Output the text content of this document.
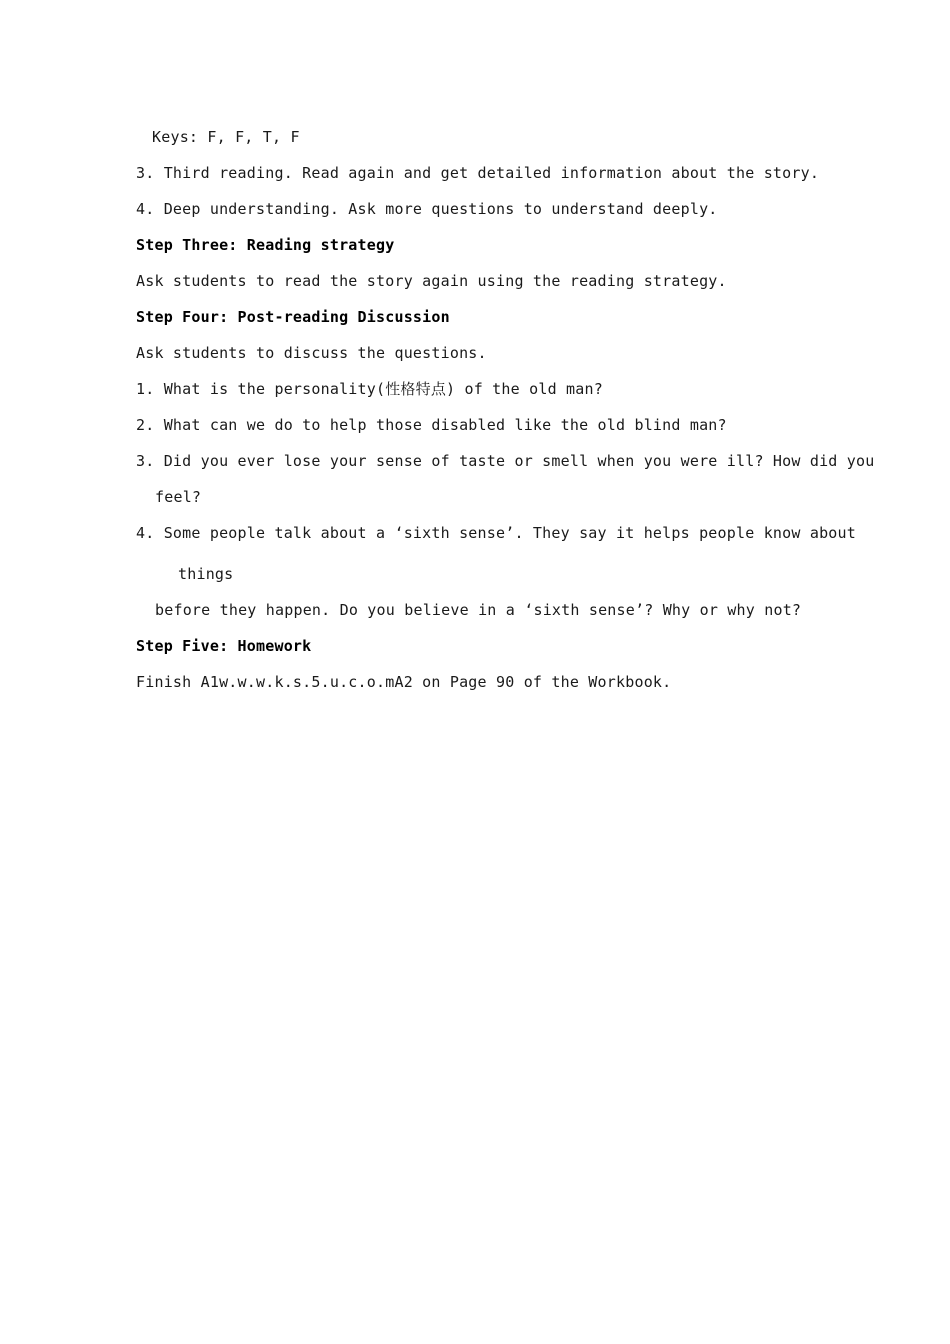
Keys: F, F, T, F
3. Third reading. Read again and get detailed information about the story.
4. Deep understanding. Ask more questions to understand deeply.
Step Three: Reading strategy
Ask students to read the story again using the reading strategy.
Step Four: Post-reading Discussion
Ask students to discuss the questions.
1. What is the personality(性格特点) of the old man?
2. What can we do to help those disabled like the old blind man?
3. Did you ever lose your sense of taste or smell when you were ill? How did you
feel?
4. Some people talk about a ‘sixth sense’. They say it helps people know about
things
before they happen. Do you believe in a ‘sixth sense’? Why or why not?
Step Five: Homework
Finish A1w.w.w.k.s.5.u.c.o.mA2 on Page 90 of the Workbook.
